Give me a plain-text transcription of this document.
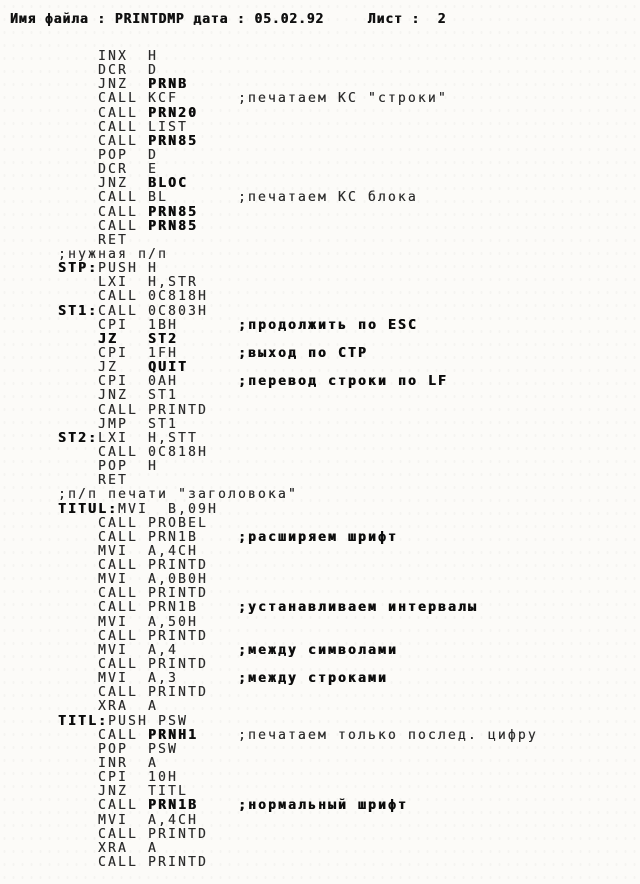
Имя файла : PRINTDMP дата : 05.02.92     Лист :  2
INX  H
DCR  D
JNZ  PRNB
CALL KCF      ;печатаем КС "строки"
CALL PRN20
CALL LIST
CALL PRN85
POP  D
DCR  E
JNZ  BLOC
CALL BL       ;печатаем КС блока
CALL PRN85
CALL PRN85
RET
;нужная п/п
STP:PUSH H
LXI  H,STR
CALL 0C818H
ST1:CALL 0C803H
CPI  1BH      ;продолжить по ESC
JZ   ST2
CPI  1FH      ;выход по CTP
JZ   QUIT
CPI  0AH      ;перевод строки по LF
JNZ  ST1
CALL PRINTD
JMP  ST1
ST2:LXI  H,STT
CALL 0C818H
POP  H
RET
;п/п печати "заголовока"
TITUL:MVI  B,09H
CALL PROBEL
CALL PRN1B    ;расширяем шрифт
MVI  A,4CH
CALL PRINTD
MVI  A,0B0H
CALL PRINTD
CALL PRN1B    ;устанавливаем интервалы
MVI  A,50H
CALL PRINTD
MVI  A,4      ;между символами
CALL PRINTD
MVI  A,3      ;между строками
CALL PRINTD
XRA  A
TITL:PUSH PSW
CALL PRNH1    ;печатаем только послед. цифру
POP  PSW
INR  A
CPI  10H
JNZ  TITL
CALL PRN1B	;нормальный шрифт
MVI  A,4CH
CALL PRINTD
XRA  A
CALL PRINTD
